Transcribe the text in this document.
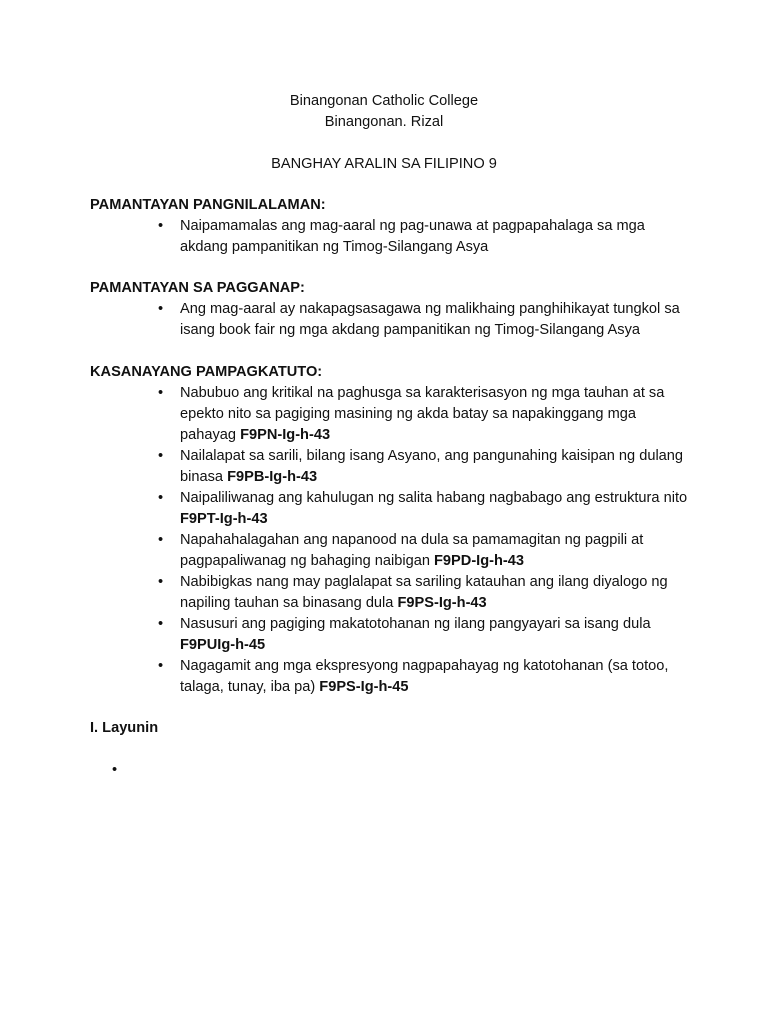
Binangonan Catholic College
Binangonan. Rizal
BANGHAY ARALIN SA FILIPINO 9

PAMANTAYAN PANGNILALAMAN:

• Naipamamalas ang mag-aaral ng pag-unawa at pagpapahalaga sa mga akdang pampanitikan ng Timog-Silangang Asya

PAMANTAYAN SA PAGGANAP:

• Ang mag-aaral ay nakapagsasagawa ng malikhaing panghihikayat tungkol sa isang book fair ng mga akdang pampanitikan ng Timog-Silangang Asya

KASANAYANG PAMPAGKATUTO:

• Nabubuo ang kritikal na paghusga sa karakterisasyon ng mga tauhan at sa epekto nito sa pagiging masining ng akda batay sa napakinggang mga pahayag F9PN-Ig-h-43
• Nailalapat sa sarili, bilang isang Asyano, ang pangunahing kaisipan ng dulang binasa F9PB-Ig-h-43
• Naipaliliwanag ang kahulugan ng salita habang nagbabago ang estruktura nito F9PT-Ig-h-43
• Napahahalagahan ang napanood na dula sa pamamagitan ng pagpili at pagpapaliwanag ng bahaging naibigan F9PD-Ig-h-43
• Nabibigkas nang may paglalapat sa sariling katauhan ang ilang diyalogo ng napiling tauhan sa binasang dula F9PS-Ig-h-43
• Nasusuri ang pagiging makatotohanan ng ilang pangyayari sa isang dula F9PUIg-h-45
• Nagagamit ang mga ekspresyong nagpapahayag ng katotohanan (sa totoo, talaga, tunay, iba pa) F9PS-Ig-h-45

I. Layunin

•
